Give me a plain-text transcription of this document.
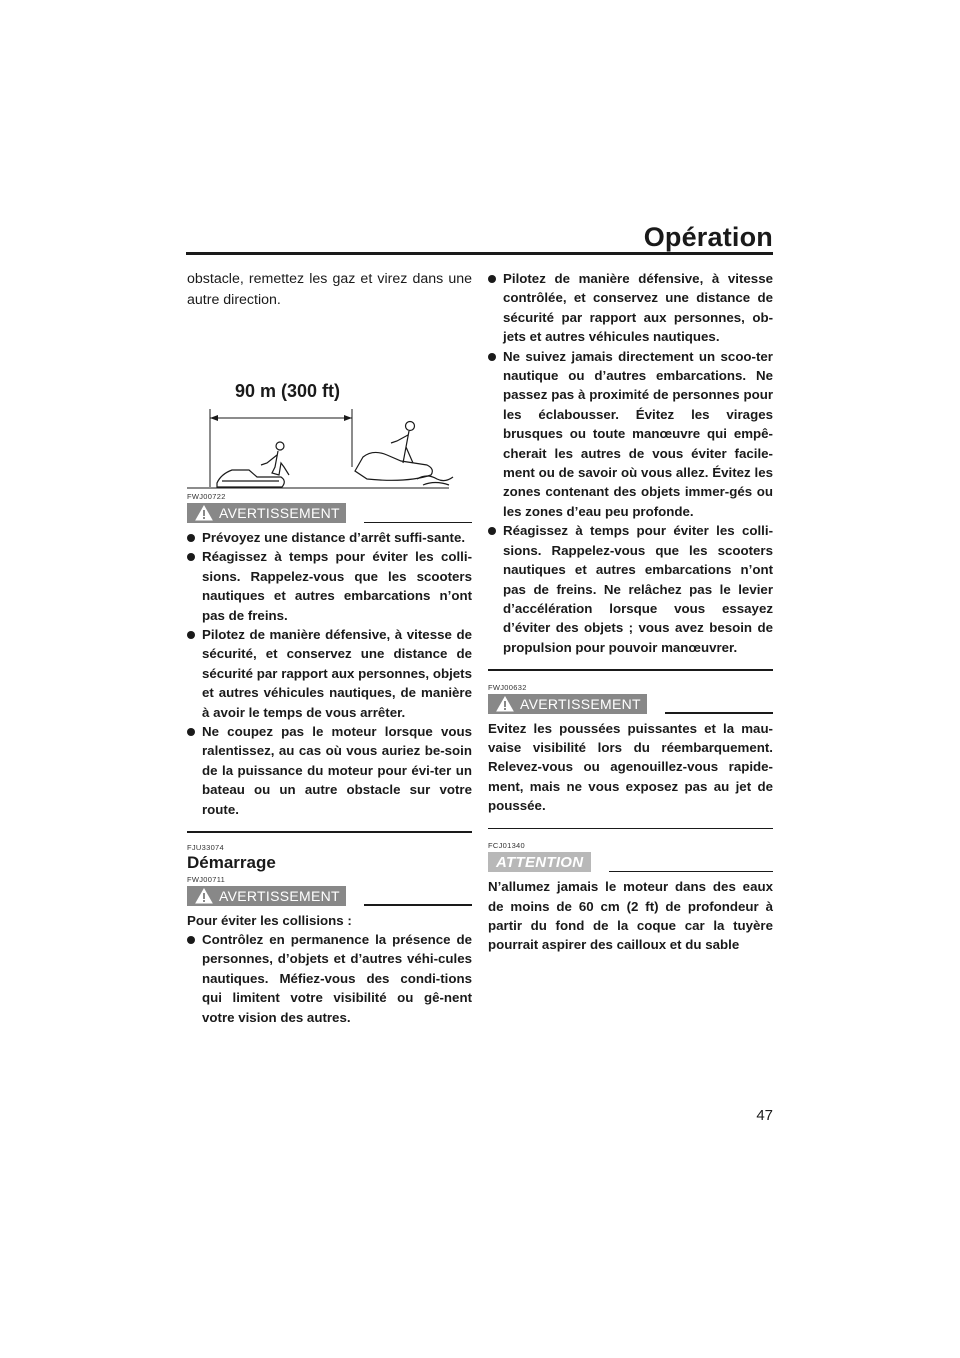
Opération

obstacle, remettez les gaz et virez dans une autre direction.

90 m (300 ft)
FWJ00722
AVERTISSEMENT
Prévoyez une distance d’arrêt suffi-sante.
Réagissez à temps pour éviter les colli-sions. Rappelez-vous que les scooters nautiques et autres embarcations n’ont pas de freins.
Pilotez de manière défensive, à vitesse de sécurité, et conservez une distance de sécurité par rapport aux personnes, objets et autres véhicules nautiques, de manière à avoir le temps de vous arrêter.
Ne coupez pas le moteur lorsque vous ralentissez, au cas où vous auriez be-soin de la puissance du moteur pour évi-ter un bateau ou un autre obstacle sur votre route.
FJU33074
Démarrage
FWJ00711
AVERTISSEMENT

Pour éviter les collisions :

Contrôlez en permanence la présence de personnes, d’objets et d’autres véhi-cules nautiques. Méfiez-vous des condi-tions qui limitent votre visibilité ou gê-nent votre vision des autres.
Pilotez de manière défensive, à vitesse contrôlée, et conservez une distance de sécurité par rapport aux personnes, ob-jets et autres véhicules nautiques.
Ne suivez jamais directement un scoo-ter nautique ou d’autres embarcations. Ne passez pas à proximité de personnes pour les éclabousser. Évitez les virages brusques ou toute manœuvre qui empê-cherait les autres de vous éviter facile-ment ou de savoir où vous allez. Évitez les zones contenant des objets immer-gés ou les zones d’eau peu profonde.
Réagissez à temps pour éviter les colli-sions. Rappelez-vous que les scooters nautiques et autres embarcations n’ont pas de freins. Ne relâchez pas le levier d’accélération lorsque vous essayez d’éviter des objets ; vous avez besoin de propulsion pour pouvoir manœuvrer.
FWJ00632
AVERTISSEMENT

Evitez les poussées puissantes et la mau-vaise visibilité lors du réembarquement. Relevez-vous ou agenouillez-vous rapide-ment, mais ne vous exposez pas au jet de poussée.

FCJ01340
ATTENTION

N’allumez jamais le moteur dans des eaux de moins de 60 cm (2 ft) de profondeur à partir du fond de la coque car la tuyère pourrait aspirer des cailloux et du sable

47
